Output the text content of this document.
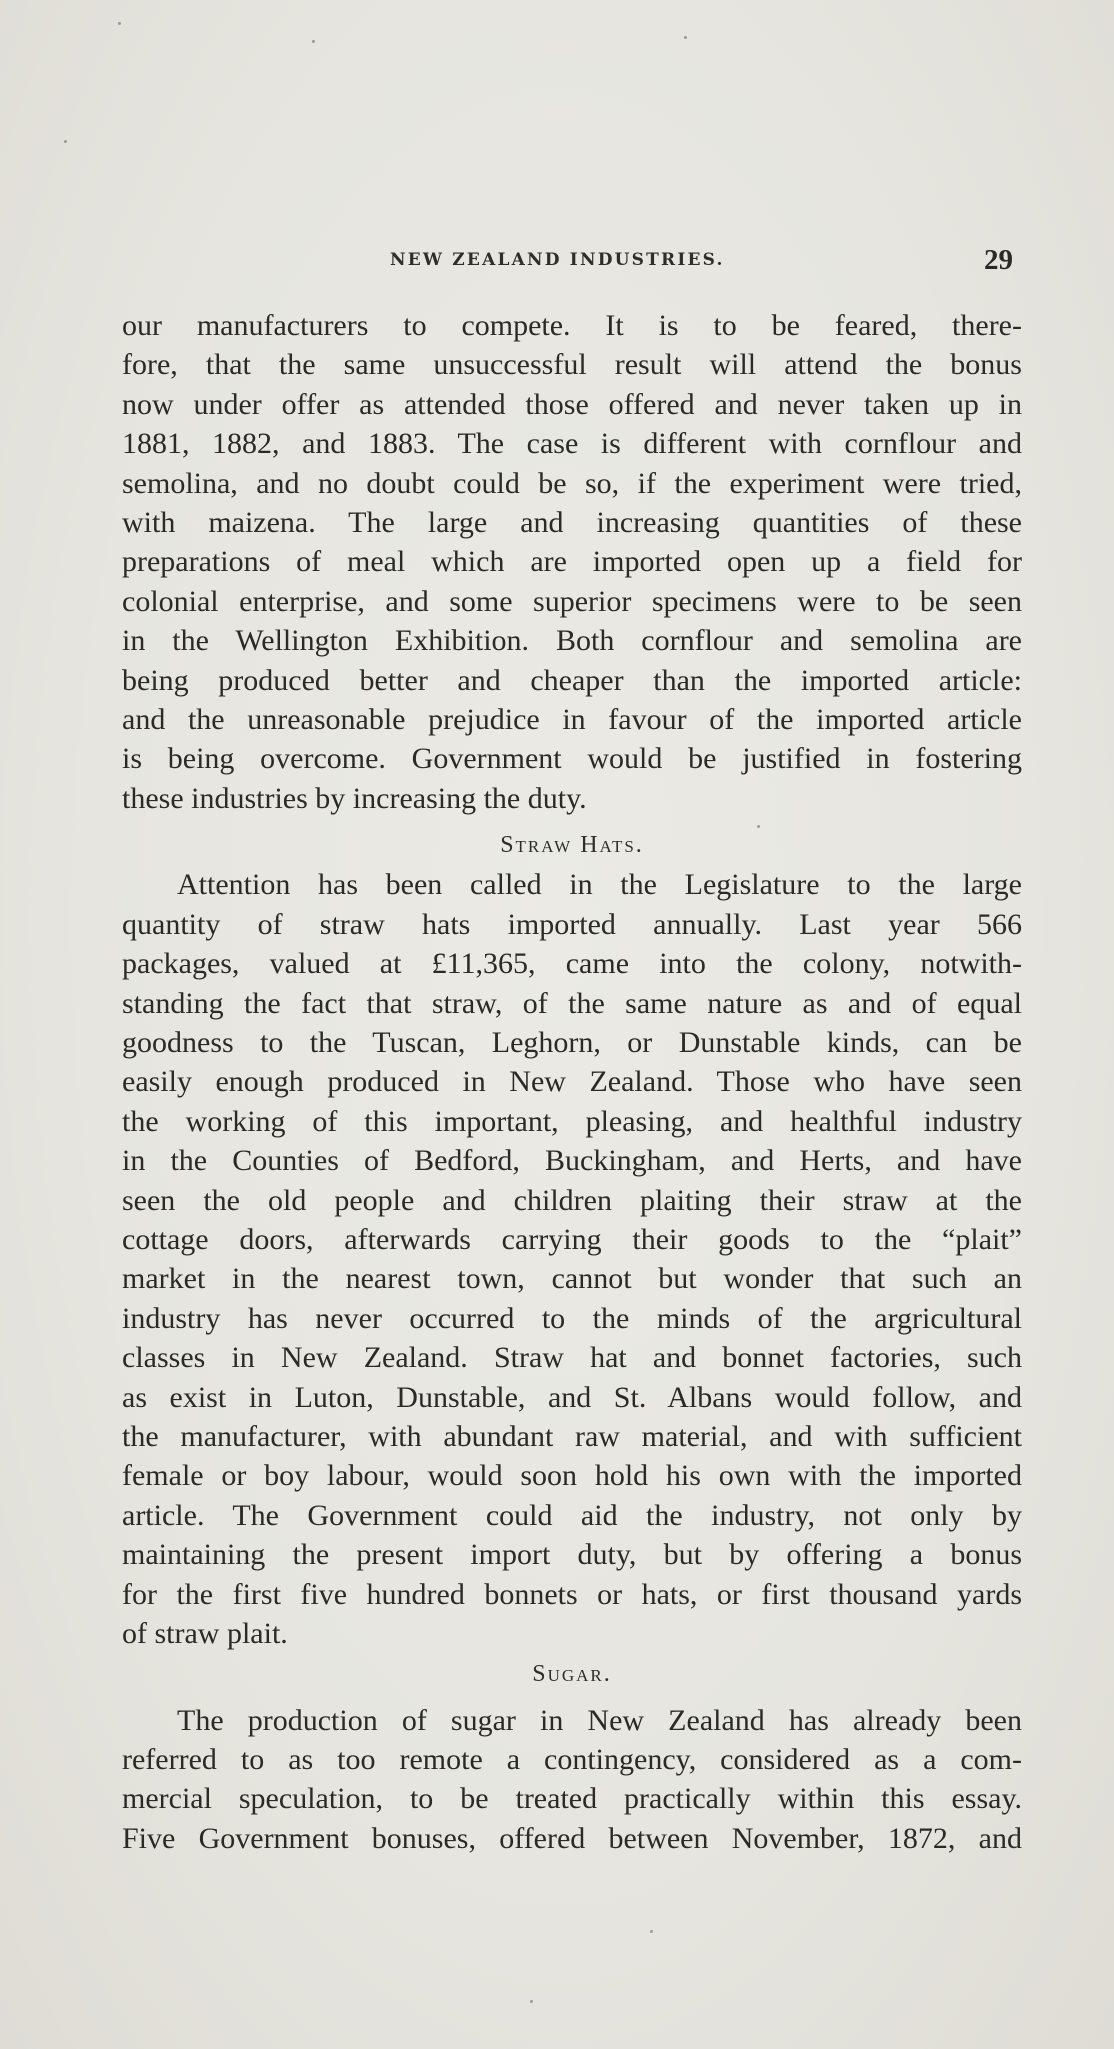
NEW ZEALAND INDUSTRIES.	29
our manufacturers to compete. It is to be feared, there-
fore, that the same unsuccessful result will attend the bonus
now under offer as attended those offered and never taken up in
1881, 1882, and 1883. The case is different with cornflour and
semolina, and no doubt could be so, if the experiment were tried,
with maizena. The large and increasing quantities of these
preparations of meal which are imported open up a field for
colonial enterprise, and some superior specimens were to be seen
in the Wellington Exhibition. Both cornflour and semolina are
being produced better and cheaper than the imported article:
and the unreasonable prejudice in favour of the imported article
is being overcome. Government would be justified in fostering
these industries by increasing the duty.
Straw Hats.
Attention has been called in the Legislature to the large
quantity of straw hats imported annually. Last year 566
packages, valued at £11,365, came into the colony, notwith-
standing the fact that straw, of the same nature as and of equal
goodness to the Tuscan, Leghorn, or Dunstable kinds, can be
easily enough produced in New Zealand. Those who have seen
the working of this important, pleasing, and healthful industry
in the Counties of Bedford, Buckingham, and Herts, and have
seen the old people and children plaiting their straw at the
cottage doors, afterwards carrying their goods to the “plait”
market in the nearest town, cannot but wonder that such an
industry has never occurred to the minds of the argricultural
classes in New Zealand. Straw hat and bonnet factories, such
as exist in Luton, Dunstable, and St. Albans would follow, and
the manufacturer, with abundant raw material, and with sufficient
female or boy labour, would soon hold his own with the imported
article. The Government could aid the industry, not only by
maintaining the present import duty, but by offering a bonus
for the first five hundred bonnets or hats, or first thousand yards
of straw plait.
Sugar.
The production of sugar in New Zealand has already been
referred to as too remote a contingency, considered as a com-
mercial speculation, to be treated practically within this essay.
Five Government bonuses, offered between November, 1872, and
